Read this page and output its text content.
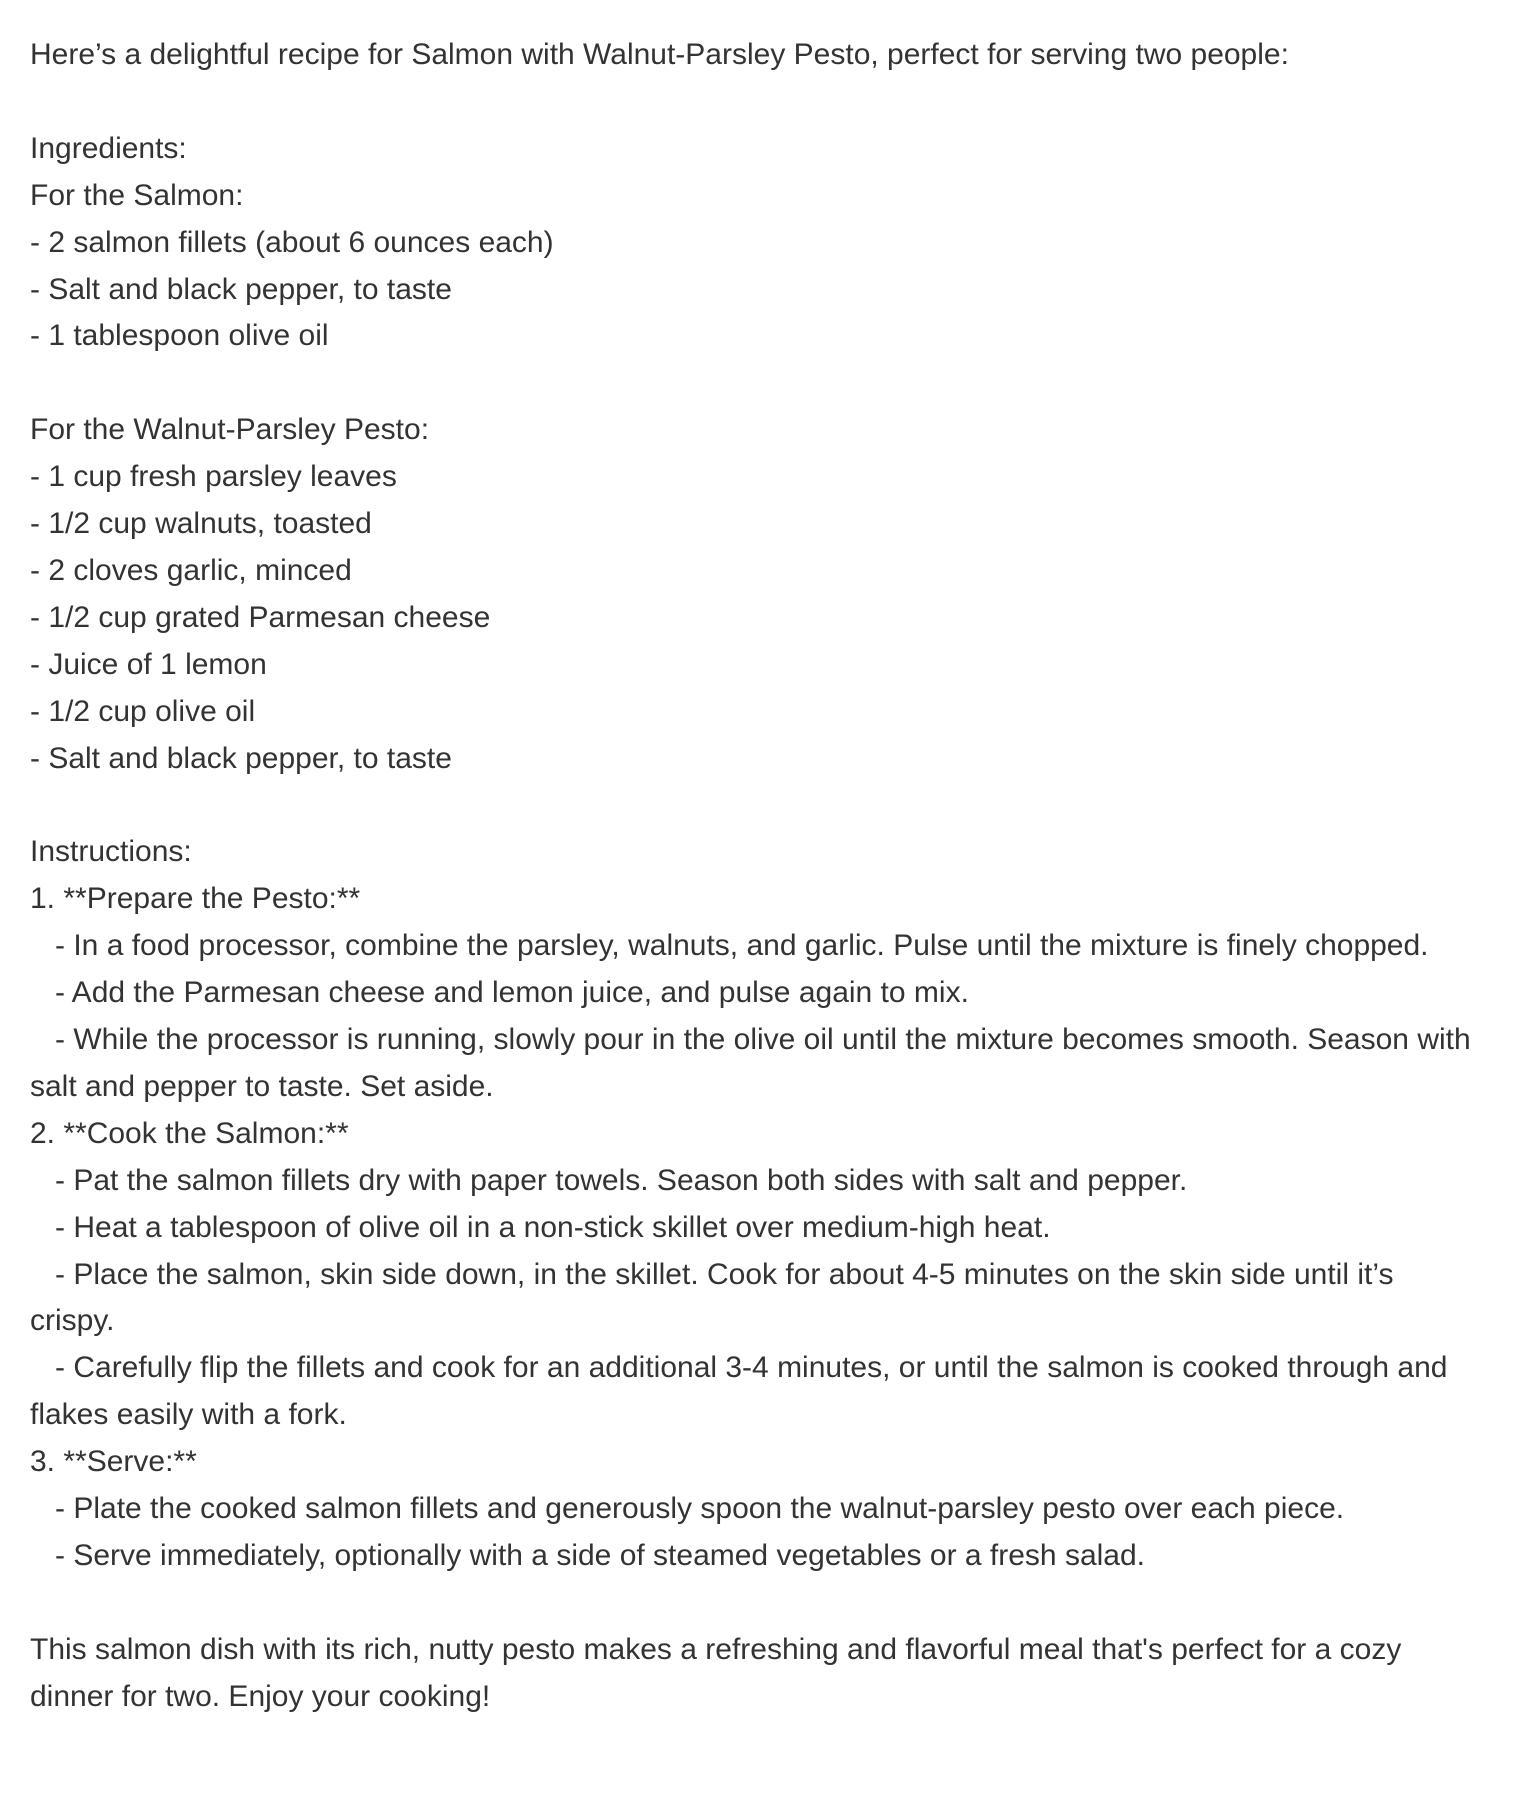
Here’s a delightful recipe for Salmon with Walnut-Parsley Pesto, perfect for serving two people:
Ingredients:
For the Salmon:
- 2 salmon fillets (about 6 ounces each)
- Salt and black pepper, to taste
- 1 tablespoon olive oil
For the Walnut-Parsley Pesto:
- 1 cup fresh parsley leaves
- 1/2 cup walnuts, toasted
- 2 cloves garlic, minced
- 1/2 cup grated Parmesan cheese
- Juice of 1 lemon
- 1/2 cup olive oil
- Salt and black pepper, to taste
Instructions:
1. **Prepare the Pesto:**
- In a food processor, combine the parsley, walnuts, and garlic. Pulse until the mixture is finely chopped.
- Add the Parmesan cheese and lemon juice, and pulse again to mix.
- While the processor is running, slowly pour in the olive oil until the mixture becomes smooth. Season with salt and pepper to taste. Set aside.
2. **Cook the Salmon:**
- Pat the salmon fillets dry with paper towels. Season both sides with salt and pepper.
- Heat a tablespoon of olive oil in a non-stick skillet over medium-high heat.
- Place the salmon, skin side down, in the skillet. Cook for about 4-5 minutes on the skin side until it’s crispy.
- Carefully flip the fillets and cook for an additional 3-4 minutes, or until the salmon is cooked through and flakes easily with a fork.
3. **Serve:**
- Plate the cooked salmon fillets and generously spoon the walnut-parsley pesto over each piece.
- Serve immediately, optionally with a side of steamed vegetables or a fresh salad.
This salmon dish with its rich, nutty pesto makes a refreshing and flavorful meal that's perfect for a cozy dinner for two. Enjoy your cooking!
